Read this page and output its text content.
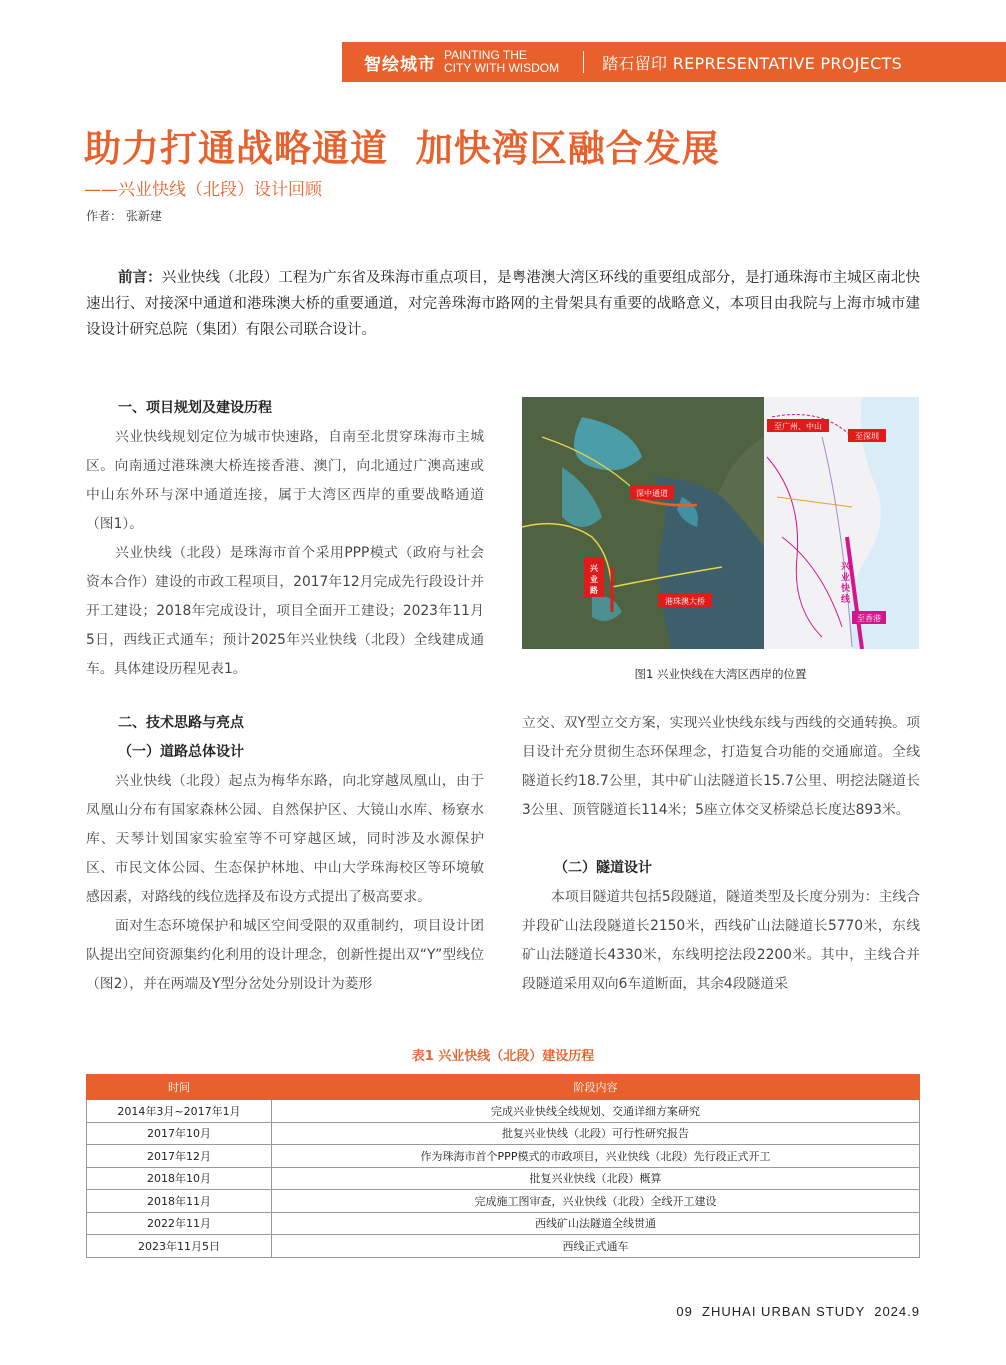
智绘城市 PAINTING THE
CITY WITH WISDOM	踏石留印 REPRESENTATIVE PROJECTS
助力打通战略通道  加快湾区融合发展
——兴业快线（北段）设计回顾
作者： 张新建
前言：兴业快线（北段）工程为广东省及珠海市重点项目，是粤港澳大湾区环线的重要组成部分，是打通珠海市主城区南北快速出行、对接深中通道和港珠澳大桥的重要通道，对完善珠海市路网的主骨架具有重要的战略意义，本项目由我院与上海市城市建设设计研究总院（集团）有限公司联合设计。
一、项目规划及建设历程

兴业快线规划定位为城市快速路，自南至北贯穿珠海市主城区。向南通过港珠澳大桥连接香港、澳门，向北通过广澳高速或中山东外环与深中通道连接，属于大湾区西岸的重要战略通道（图1）。

兴业快线（北段）是珠海市首个采用PPP模式（政府与社会资本合作）建设的市政工程项目，2017年12月完成先行段设计并开工建设；2018年完成设计，项目全面开工建设；2023年11月5日，西线正式通车；预计2025年兴业快线（北段）全线建成通车。具体建设历程见表1。

二、技术思路与亮点
（一）道路总体设计

兴业快线（北段）起点为梅华东路，向北穿越凤凰山，由于凤凰山分布有国家森林公园、自然保护区、大镜山水库、杨寮水库、天琴计划国家实验室等不可穿越区域，同时涉及水源保护区、市民文体公园、生态保护林地、中山大学珠海校区等环境敏感因素，对路线的线位选择及布设方式提出了极高要求。

面对生态环境保护和城区空间受限的双重制约，项目设计团队提出空间资源集约化利用的设计理念，创新性提出双“Y”型线位（图2），并在两端及Y型分岔处分别设计为菱形

立交、双Y型立交方案，实现兴业快线东线与西线的交通转换。项目设计充分贯彻生态环保理念，打造复合功能的交通廊道。全线隧道长约18.7公里，其中矿山法隧道长15.7公里、明挖法隧道长3公里、顶管隧道长114米；5座立体交叉桥梁总长度达893米。

（二）隧道设计

本项目隧道共包括5段隧道，隧道类型及长度分别为：主线合并段矿山法段隧道长2150米，西线矿山法隧道长5770米，东线矿山法隧道长4330米，东线明挖法段2200米。其中，主线合并段隧道采用双向6车道断面，其余4段隧道采

深中通道
兴
业
路
港珠澳大桥
至广州、中山
至深圳
兴
业
快
线
至香港
图1 兴业快线在大湾区西岸的位置
表1 兴业快线（北段）建设历程
时间	阶段内容
2014年3月~2017年1月	完成兴业快线全线规划、交通详细方案研究
2017年10月	批复兴业快线（北段）可行性研究报告
2017年12月	作为珠海市首个PPP模式的市政项目，兴业快线（北段）先行段正式开工
2018年10月	批复兴业快线（北段）概算
2018年11月	完成施工图审查，兴业快线（北段）全线开工建设
2022年11月	西线矿山法隧道全线贯通
2023年11月5日	西线正式通车
09  ZHUHAI URBAN STUDY  2024.9
